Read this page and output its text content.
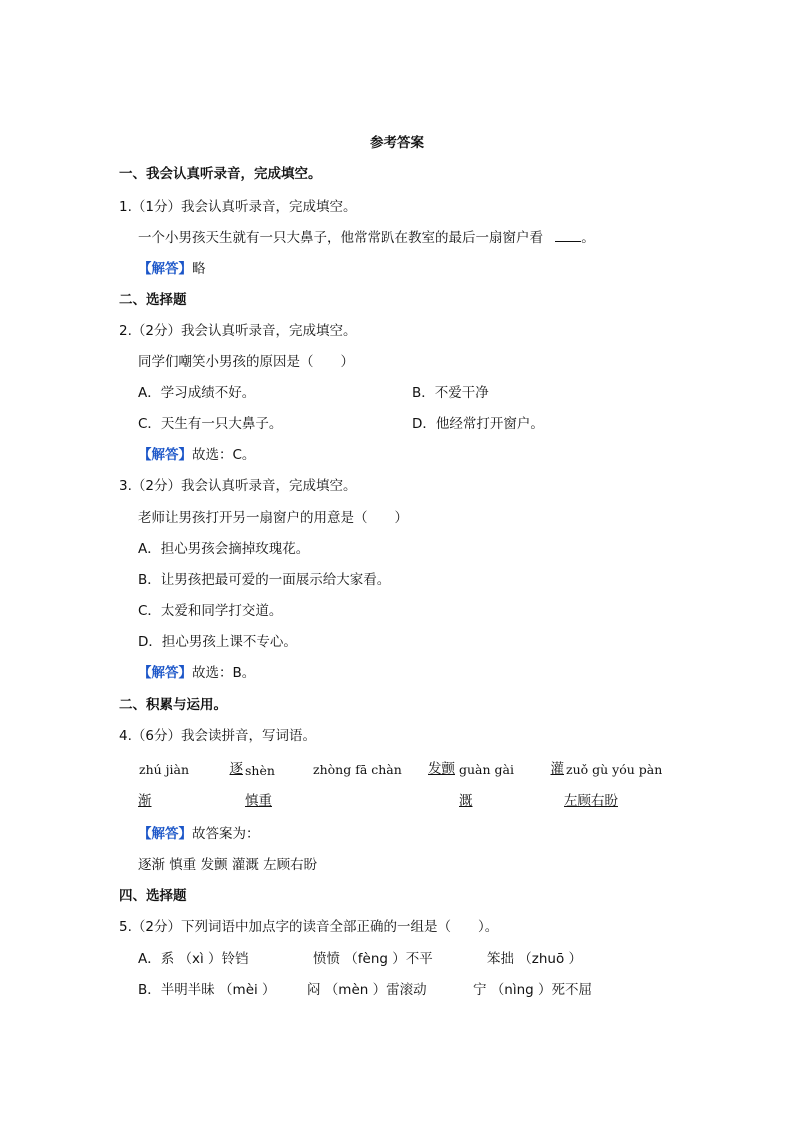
参考答案
一、我会认真听录音，完成填空。
1.（1分）我会认真听录音，完成填空。
一个小男孩天生就有一只大鼻子，他常常趴在教室的最后一扇窗户看	。
【解答】略
二、选择题
2.（2分）我会认真听录音，完成填空。
同学们嘲笑小男孩的原因是（　　）
A．学习成绩不好。	B．不爱干净
C．天生有一只大鼻子。	D．他经常打开窗户。
【解答】故选：C。
3.（2分）我会认真听录音，完成填空。
老师让男孩打开另一扇窗户的用意是（　　）
A．担心男孩会摘掉玫瑰花。
B．让男孩把最可爱的一面展示给大家看。
C．太爱和同学打交道。
D．担心男孩上课不专心。
【解答】故选：B。
二、积累与运用。
4.（6分）我会读拼音，写词语。
zhú jiàn	逐 shèn	zhòng fā chàn	发颤 guàn gài	灌 zuǒ gù yóu pàn
渐	慎重	溉	左顾右盼
【解答】故答案为：
逐渐 慎重 发颤 灌溉 左顾右盼
四、选择题
5.（2分）下列词语中加点字的读音全部正确的一组是（　　）。
A．系 （xì ）铃铛	愤愤 （fèng ）不平	笨拙 （zhuō ）
B．半明半昧 （mèi ） 闷 （mèn ）雷滚动	宁 （nìng ）死不屈
